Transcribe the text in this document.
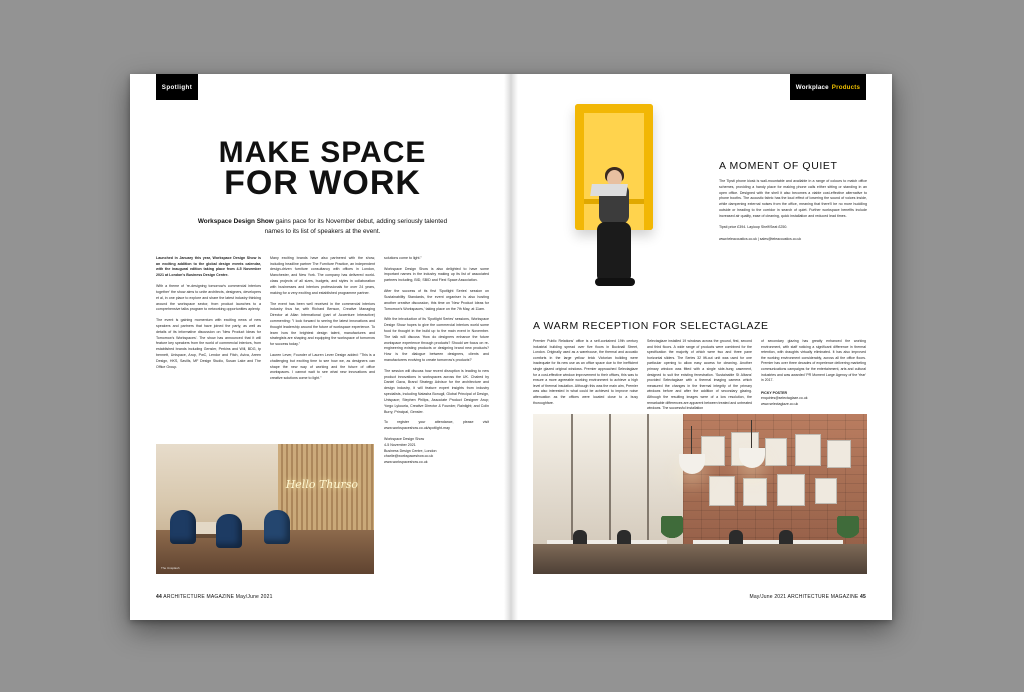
Spotlight
MAKE SPACE
FOR WORK
Workspace Design Show gains pace for its November debut, adding seriously talented names to its list of speakers at the event.

Launched in January this year, Workspace Design Show is an exciting addition to the global design events calendar, with the inaugural edition taking place from 4-5 November 2021 at London's Business Design Centre.

With a theme of 're-designing tomorrow's commercial interiors together' the show aims to unite architects, designers, developers et al, in one place to explore and share the latest industry thinking around the workspace sector, from product launches to a comprehensive talks program to networking opportunities aplenty.

The event is gaining momentum with exciting news of new speakers and partners that have joined the party, as well as details of its informative discussion on 'New Product Ideas for Tomorrow's Workspaces'. The show has announced that it will feature key speakers from the world of commercial interiors, from established brands including Gensler, Perkins and Will, BDG, tp bennett, Unispace, Arup, PwC, Lendor and Fitch, Aviva, Areen Design, HKS, Savills, MF Design Studio, Susan Lake and The Office Group.

Many exciting brands have also partnered with the show, including headline partner The Furniture Practice, an independent design-driven furniture consultancy with offices in London, Manchester, and New York. The company has delivered world-class projects of all sizes, budgets, and styles in collaboration with businesses and interiors professionals for over 24 years, making for a very exciting and established programme partner.

The event has been well received in the commercial interiors industry thus far, with Richard Benson, Creative Managing Director at Allan International (part of Accenture Interactive) commenting: "I look forward to seeing the latest innovations and thought leadership around the future of workspace experience. To learn how the brightest design talent, manufactures and strategists are shaping and equipping the workspace of tomorrow for success today."

Lauren Lever, Founder of Lauren Lever Design added: "This is a challenging but exciting time to see how we, as designers can shape the new way of working and the future of office workspaces. I cannot wait to see what new innovations and creative solutions come to light."

solutions come to light."

Workspace Design Show is also delighted to have some important names in the industry making up its list of associated partners including, BID, SBID and Flexi Space Association.

After the success of its first 'Spotlight Series' session on Sustainability Standards, the event organiser is also hosting another creative discussion, this time on 'New Product Ideas for Tomorrow's Workspaces,' taking place on the 7th May, at 11am.

With the introduction of its 'Spotlight Series' sessions, Workspace Design Show hopes to give the commercial interiors world some food for thought in the build up to the main event in November. The talk will discuss 'How do designers enhance the future workspace experience through products? Should we focus on re-engineering existing products or designing brand new products? How is the dialogue between designers, clients and manufacturers evolving to create tomorrow's products?'

The session will discuss how recent disruption is leading to new product innovations in workspaces across the UK. Chaired by Daniel Gava, Brand Strategy Advisor for the architecture and design industry, it will feature expert insights from industry specialists, including Natasha Bonugli, Global Principal of Design, Unispace; Stephen Philips, Associate Product Designer Arup; Yorgo Lykouria, Creative Director & Founder, Rainlight; and Colin Burry, Principal, Gensler.

To register your attendance, please visit www.workspaceshow.co.uk/spotlight-may

Workspace Design Show

4-5 November 2021

Business Design Centre, London

charlie@workspaceshow.co.uk

www.workspaceshow.co.uk

Hello Thurso
The Unsplash
44 ARCHITECTURE MAGAZINE May/June 2021
Workplace Products
A MOMENT OF QUIET

The Tipsti phone kiosk is wall-mountable and available in a range of colours to match office schemes, providing a handy place for making phone calls either sitting or standing in an open office. Designed with the shell it also becomes a viable cost-effective alternative to phone booths. The acoustic fabric has the loud effect of lowering the sound of voices inside, while dampening external noises from the office, meaning that there'll be no more huddling outside or heading to the corridor in search of quiet. Further workspace benefits include increased air quality, ease of cleaning, quick installation and reduced lead times.

Tipsti price £394. Layloop Shelf/Seat £250.

www.teleacoustics.co.uk | sales@teleacoustics.co.uk
A WARM RECEPTION FOR SELECTAGLAZE

Premier Public Relations' office is a self-contained 19th century industrial building spread over five floors in Bucknall Street, London. Originally used as a warehouse, the thermal and acoustic comforts in the large yellow brick Victorian building were inadequate for its new use as an office space due to the inefficient single glazed original windows. Premier approached Selectaglaze for a cost-effective window improvement to their offices, this was to ensure a more agreeable working environment to achieve a high level of thermal insulation. Although this was the main aim, Premier was also interested in what could be achieved to improve noise attenuation as the offices were located close to a busy thoroughfare.

Selectaglaze installed 19 windows across the ground, first, second and third floors. A wide range of products were combined for the specification the majority of which were two and three pane horizontal sliders. The Series 32 lift-out unit was used for one particular opening to allow easy access for cleaning. Another primary window was fitted with a single side-hung casement, designed to suit the existing fenestration. 'Sustainable St Albans' provided Selectaglaze with a thermal imaging camera which measured the changes in the thermal integrity of the primary windows before and after the addition of secondary glazing. Although the resulting images were of a low resolution, the remarkable differences are apparent between treated and untreated windows. The successful installation

of secondary glazing has greatly enhanced the working environment, with staff noticing a significant difference in thermal retention, with draughts virtually eliminated. It has also improved the working environment considerably, across all the office floors. Premier has over three decades of experience delivering marketing communications campaigns for the entertainment, arts and cultural industries and was awarded 'PR Moment Large Agency of the Year' in 2017.

PICKY POSTER
enquiries@selectaglaze.co.uk
www.selectaglaze.co.uk
May/June 2021 ARCHITECTURE MAGAZINE 45
